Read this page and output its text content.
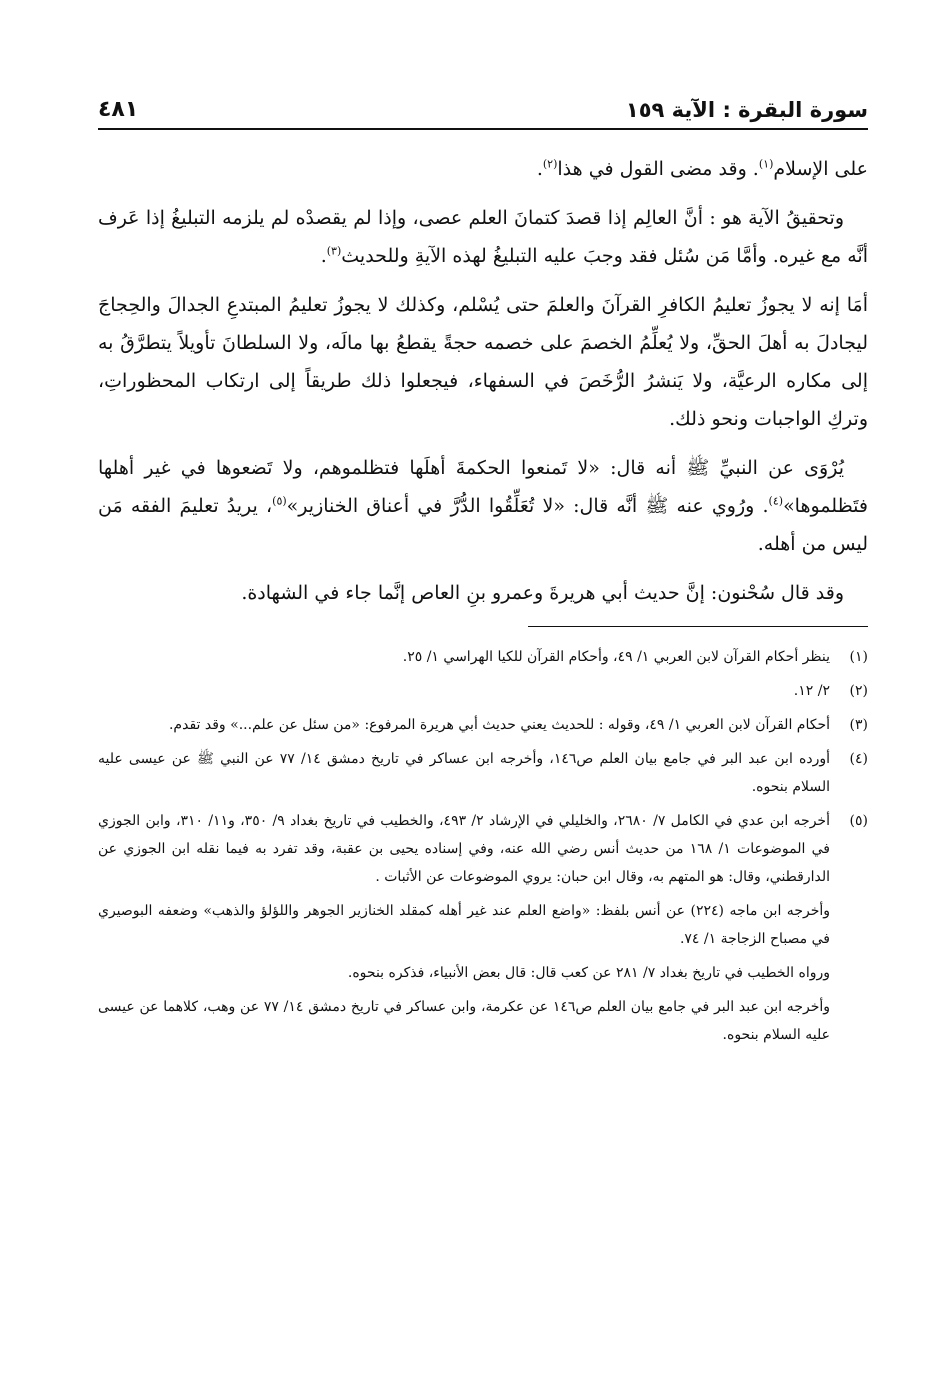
سورة البقرة : الآية ١٥٩
٤٨١

على الإسلام$^{(١)}$. وقد مضى القول في هذا$^{(٢)}$.

وتحقيقُ الآية هو : أنَّ العالِم إذا قصدَ كتمانَ العلم عصى، وإذا لم يقصدْه لم يلزمه التبليغُ إذا عَرف أنَّه مع غيره. وأمَّا مَن سُئل فقد وجبَ عليه التبليغُ لهذه الآيةِ وللحديث$^{(٣)}$.

أمَا إنه لا يجوزُ تعليمُ الكافرِ القرآنَ والعلمَ حتى يُسْلم، وكذلك لا يجوزُ تعليمُ المبتدعِ الجدالَ والحِجاجَ ليجادلَ به أهلَ الحقِّ، ولا يُعلِّمُ الخصمَ على خصمه حجةً يقطعُ بها مالَه، ولا السلطانَ تأويلاً يتطرَّقُ به إلى مكاره الرعيَّة، ولا يَنشرُ الرُّخَصَ في السفهاء، فيجعلوا ذلك طريقاً إلى ارتكاب المحظوراتِ، وتركِ الواجبات ونحو ذلك.

يُرْوَى عن النبيِّ ﷺ أنه قال: «لا تَمنعوا الحكمةَ أهلَها فتظلموهم، ولا تَضعوها في غير أهلها فتَظلموها»$^{(٤)}$. ورُوي عنه ﷺ أنَّه قال: «لا تُعَلِّقُوا الدُّرَّ في أعناق الخنازير»$^{(٥)}$، يريدُ تعليمَ الفقه مَن ليس من أهله.

وقد قال سُحْنون: إنَّ حديث أبي هريرةَ وعمرو بنِ العاص إنَّما جاء في الشهادة.

(١)
ينظر أحكام القرآن لابن العربي ١/ ٤٩، وأحكام القرآن للكيا الهراسي ١/ ٢٥.
(٢)
٢/ ١٢.
(٣)
أحكام القرآن لابن العربي ١/ ٤٩، وقوله : للحديث يعني حديث أبي هريرة المرفوع: «من سئل عن علم...» وقد تقدم.
(٤)
أورده ابن عبد البر في جامع بيان العلم ص١٤٦، وأخرجه ابن عساكر في تاريخ دمشق ١٤/ ٧٧ عن النبي ﷺ عن عيسى عليه السلام بنحوه.
(٥)
أخرجه ابن عدي في الكامل ٧/ ٢٦٨٠، والخليلي في الإرشاد ٢/ ٤٩٣، والخطيب في تاريخ بغداد ٩/ ٣٥٠، و١١/ ٣١٠، وابن الجوزي في الموضوعات ١/ ١٦٨ من حديث أنس رضي الله عنه، وفي إسناده يحيى بن عقبة، وقد تفرد به فيما نقله ابن الجوزي عن الدارقطني، وقال: هو المتهم به، وقال ابن حبان: يروي الموضوعات عن الأثبات .
وأخرجه ابن ماجه (٢٢٤) عن أنس بلفظ: «واضع العلم عند غير أهله كمقلد الخنازير الجوهر واللؤلؤ والذهب» وضعفه البوصيري في مصباح الزجاجة ١/ ٧٤.
ورواه الخطيب في تاريخ بغداد ٧/ ٢٨١ عن كعب قال: قال بعض الأنبياء، فذكره بنحوه.
وأخرجه ابن عبد البر في جامع بيان العلم ص١٤٦ عن عكرمة، وابن عساكر في تاريخ دمشق ١٤/ ٧٧ عن وهب، كلاهما عن عيسى عليه السلام بنحوه.
